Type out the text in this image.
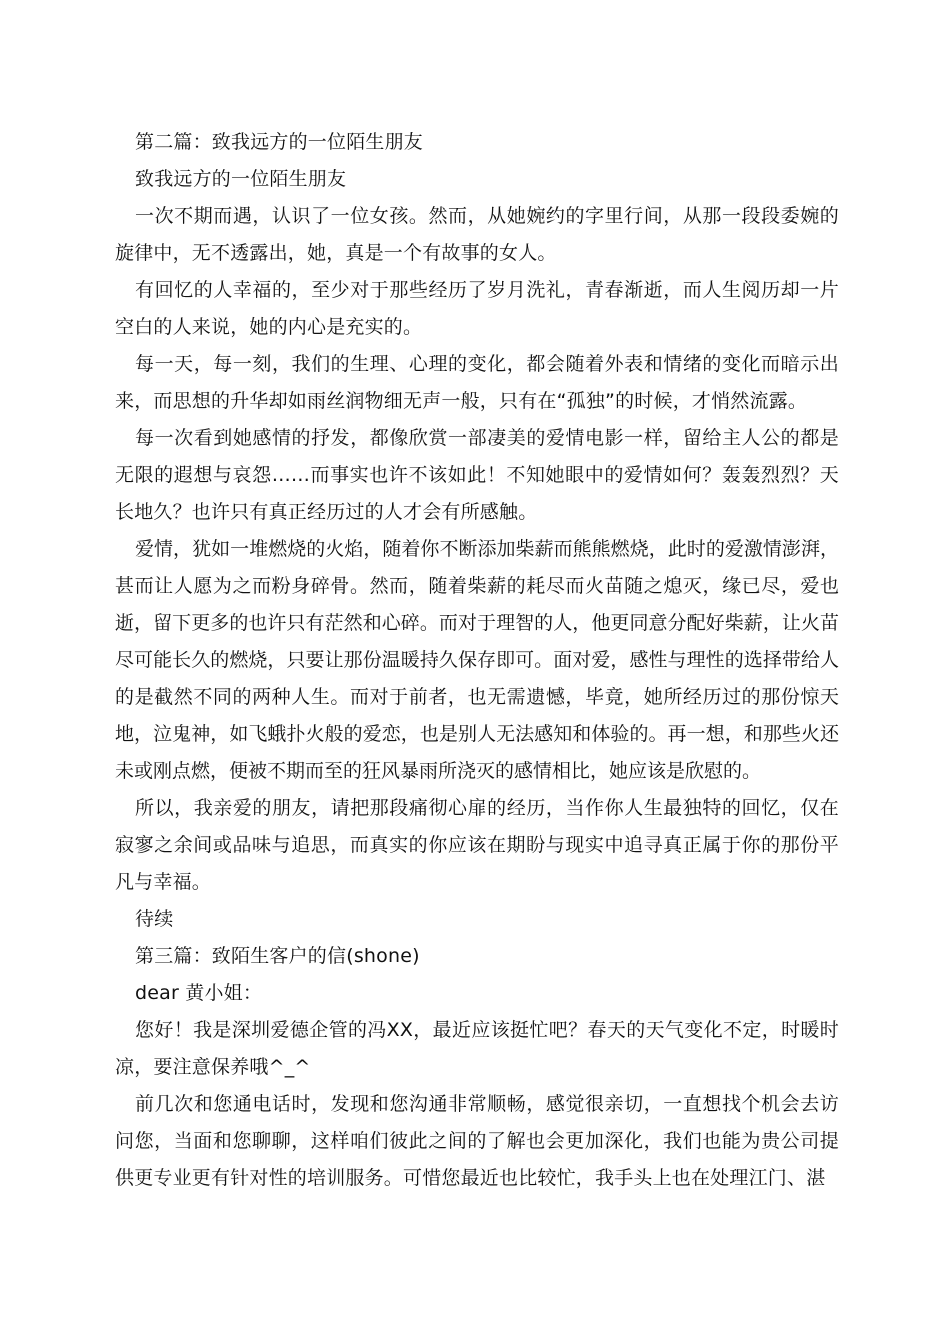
第二篇：致我远方的一位陌生朋友

致我远方的一位陌生朋友

一次不期而遇，认识了一位女孩。然而，从她婉约的字里行间，从那一段段委婉的旋律中，无不透露出，她，真是一个有故事的女人。

有回忆的人幸福的，至少对于那些经历了岁月洗礼，青春渐逝，而人生阅历却一片空白的人来说，她的内心是充实的。

每一天，每一刻，我们的生理、心理的变化，都会随着外表和情绪的变化而暗示出来，而思想的升华却如雨丝润物细无声一般，只有在“孤独”的时候，才悄然流露。

每一次看到她感情的抒发，都像欣赏一部凄美的爱情电影一样，留给主人公的都是无限的遐想与哀怨……而事实也许不该如此！不知她眼中的爱情如何？轰轰烈烈？天长地久？也许只有真正经历过的人才会有所感触。

爱情，犹如一堆燃烧的火焰，随着你不断添加柴薪而熊熊燃烧，此时的爱激情澎湃，甚而让人愿为之而粉身碎骨。然而，随着柴薪的耗尽而火苗随之熄灭，缘已尽，爱也逝，留下更多的也许只有茫然和心碎。而对于理智的人，他更同意分配好柴薪，让火苗尽可能长久的燃烧，只要让那份温暖持久保存即可。面对爱，感性与理性的选择带给人的是截然不同的两种人生。而对于前者，也无需遗憾，毕竟，她所经历过的那份惊天地，泣鬼神，如飞蛾扑火般的爱恋，也是别人无法感知和体验的。再一想，和那些火还未或刚点燃，便被不期而至的狂风暴雨所浇灭的感情相比，她应该是欣慰的。

所以，我亲爱的朋友，请把那段痛彻心扉的经历，当作你人生最独特的回忆，仅在寂寥之余间或品味与追思，而真实的你应该在期盼与现实中追寻真正属于你的那份平凡与幸福。

待续

第三篇：致陌生客户的信(shone)

dear 黄小姐：

您好！我是深圳爱德企管的冯XX，最近应该挺忙吧？春天的天气变化不定，时暖时凉，要注意保养哦^_^

前几次和您通电话时，发现和您沟通非常顺畅，感觉很亲切，一直想找个机会去访问您，当面和您聊聊，这样咱们彼此之间的了解也会更加深化，我们也能为贵公司提供更专业更有针对性的培训服务。可惜您最近也比较忙，我手头上也在处理江门、湛
